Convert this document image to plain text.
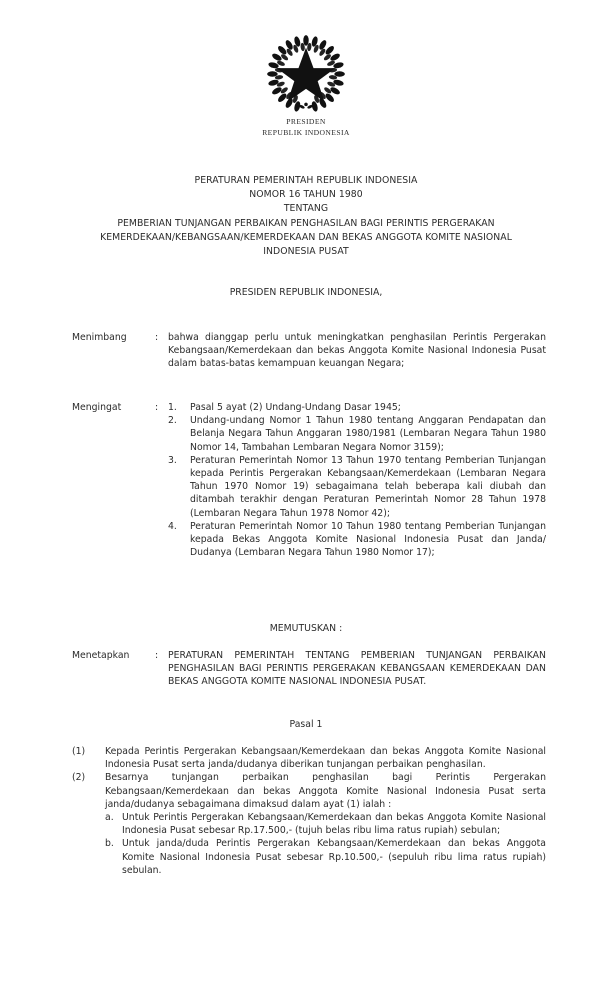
PRESIDEN
REPUBLIK INDONESIA
PERATURAN PEMERINTAH REPUBLIK INDONESIA
NOMOR 16 TAHUN 1980
TENTANG
PEMBERIAN TUNJANGAN PERBAIKAN PENGHASILAN BAGI PERINTIS PERGERAKAN
KEMERDEKAAN/KEBANGSAAN/KEMERDEKAAN DAN BEKAS ANGGOTA KOMITE NASIONAL
INDONESIA PUSAT
PRESIDEN REPUBLIK INDONESIA,
Menimbang	:	bahwa dianggap perlu untuk meningkatkan penghasilan Perintis Pergerakan Kebangsaan/Kemerdekaan dan bekas Anggota Komite Nasional Indonesia Pusat dalam batas-batas kemampuan keuangan Negara;
Mengingat	:	1.	Pasal 5 ayat (2) Undang-Undang Dasar 1945;
2.	Undang-undang Nomor 1 Tahun 1980 tentang Anggaran Pendapatan dan Belanja Negara Tahun Anggaran 1980/1981 (Lembaran Negara Tahun 1980 Nomor 14, Tambahan Lembaran Negara Nomor 3159);
3.	Peraturan Pemerintah Nomor 13 Tahun 1970 tentang Pemberian Tunjangan kepada Perintis Pergerakan Kebangsaan/Kemerdekaan (Lembaran Negara Tahun 1970 Nomor 19) sebagaimana telah beberapa kali diubah dan ditambah terakhir dengan Peraturan Pemerintah Nomor 28 Tahun 1978 (Lembaran Negara Tahun 1978 Nomor 42);
4.	Peraturan Pemerintah Nomor 10 Tahun 1980 tentang Pemberian Tunjangan kepada Bekas Anggota Komite Nasional Indonesia Pusat dan Janda/ Dudanya (Lembaran Negara Tahun 1980 Nomor 17);
MEMUTUSKAN :
Menetapkan	:	PERATURAN PEMERINTAH TENTANG PEMBERIAN TUNJANGAN PERBAIKAN PENGHASILAN BAGI PERINTIS PERGERAKAN KEBANGSAAN KEMERDEKAAN DAN BEKAS ANGGOTA KOMITE NASIONAL INDONESIA PUSAT.
Pasal 1
(1)	Kepada Perintis Pergerakan Kebangsaan/Kemerdekaan dan bekas Anggota Komite Nasional Indonesia Pusat serta janda/dudanya diberikan tunjangan perbaikan penghasilan.

(2)	Besarnya tunjangan perbaikan penghasilan bagi Perintis Pergerakan Kebangsaan/Kemerdekaan dan bekas Anggota Komite Nasional Indonesia Pusat serta janda/dudanya sebagaimana dimaksud dalam ayat (1) ialah :

a. Untuk Perintis Pergerakan Kebangsaan/Kemerdekaan dan bekas Anggota Komite Nasional Indonesia Pusat sebesar Rp.17.500,- (tujuh belas ribu lima ratus rupiah) sebulan;
b. Untuk janda/duda Perintis Pergerakan Kebangsaan/Kemerdekaan dan bekas Anggota Komite Nasional Indonesia Pusat sebesar Rp.10.500,- (sepuluh ribu lima ratus rupiah) sebulan.
